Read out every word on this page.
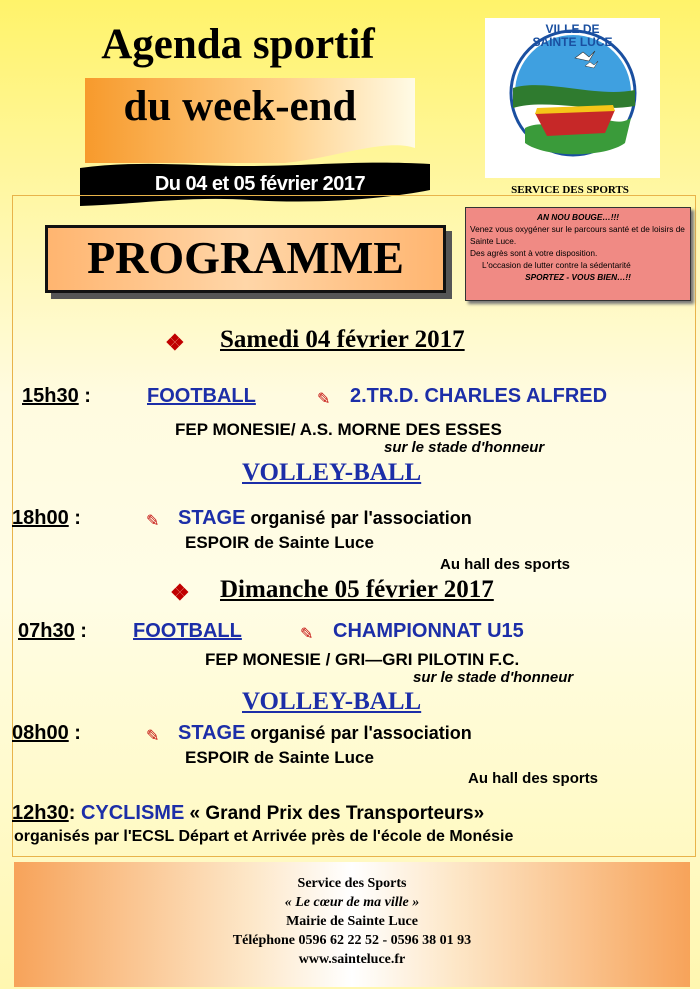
Agenda sportif
du week-end
Du 04 et 05 février 2017
PROGRAMME
VILLE DE
SAINTE LUCE
SERVICE DES SPORTS
AN NOU BOUGE…!!!
Venez vous oxygéner sur le parcours santé et de loisirs de Sainte Luce.
Des agrès sont à votre disposition.
L'occasion de lutter contre la sédentarité
SPORTEZ - VOUS BIEN…!!
❖ Samedi 04 février 2017
15h30 :	FOOTBALL	✎ 2.TR.D. CHARLES ALFRED
FEP MONESIE/ A.S. MORNE DES ESSES
sur le stade d'honneur
VOLLEY-BALL
18h00 :	✎ STAGE organisé par l'association
ESPOIR de Sainte Luce
Au hall des sports
❖ Dimanche 05 février 2017
07h30 : FOOTBALL	✎ CHAMPIONNAT U15
FEP MONESIE / GRI—GRI PILOTIN F.C.
sur le stade d'honneur
VOLLEY-BALL
08h00 :	✎ STAGE organisé par l'association
ESPOIR de Sainte Luce
Au hall des sports
12h30: CYCLISME « Grand Prix des Transporteurs»
organisés par l'ECSL Départ et Arrivée près de l'école de Monésie
Service des Sports
« Le cœur de ma ville »
Mairie de Sainte Luce
Téléphone 0596 62 22 52 - 0596 38 01 93
www.sainteluce.fr
